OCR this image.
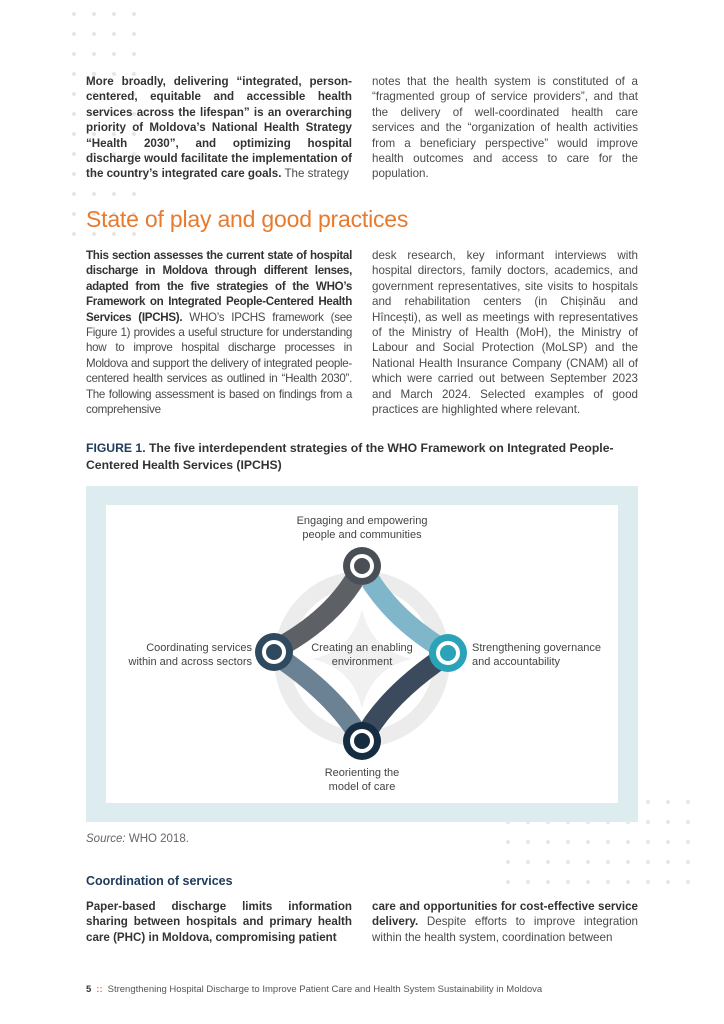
More broadly, delivering “integrated, person-centered, equitable and accessible health services across the lifespan” is an overarching priority of Moldova’s National Health Strategy “Health 2030”, and optimizing hospital discharge would facilitate the implementation of the country’s integrated care goals. The strategy
notes that the health system is constituted of a “fragmented group of service providers”, and that the delivery of well-coordinated health care services and the “organization of health activities from a beneficiary perspective” would improve health outcomes and access to care for the population.
State of play and good practices
This section assesses the current state of hospital discharge in Moldova through different lenses, adapted from the five strategies of the WHO’s Framework on Integrated People-Centered Health Services (IPCHS). WHO’s IPCHS framework (see Figure 1) provides a useful structure for understanding how to improve hospital discharge processes in Moldova and support the delivery of integrated people-centered health services as outlined in “Health 2030”. The following assessment is based on findings from a comprehensive
desk research, key informant interviews with hospital directors, family doctors, academics, and government representatives, site visits to hospitals and rehabilitation centers (in Chișinău and Hîncești), as well as meetings with representatives of the Ministry of Health (MoH), the Ministry of Labour and Social Protection (MoLSP) and the National Health Insurance Company (CNAM) all of which were carried out between September 2023 and March 2024. Selected examples of good practices are highlighted where relevant.
FIGURE 1. The five interdependent strategies of the WHO Framework on Integrated People-Centered Health Services (IPCHS)
Engaging and empowering people and communities
Coordinating services within and across sectors
Creating an enabling environment
Strengthening governance and accountability
Reorienting the model of care
Source: WHO 2018.
Coordination of services
Paper-based discharge limits information sharing between hospitals and primary health care (PHC) in Moldova, compromising patient
care and opportunities for cost-effective service delivery. Despite efforts to improve integration within the health system, coordination between
5 :: Strengthening Hospital Discharge to Improve Patient Care and Health System Sustainability in Moldova
